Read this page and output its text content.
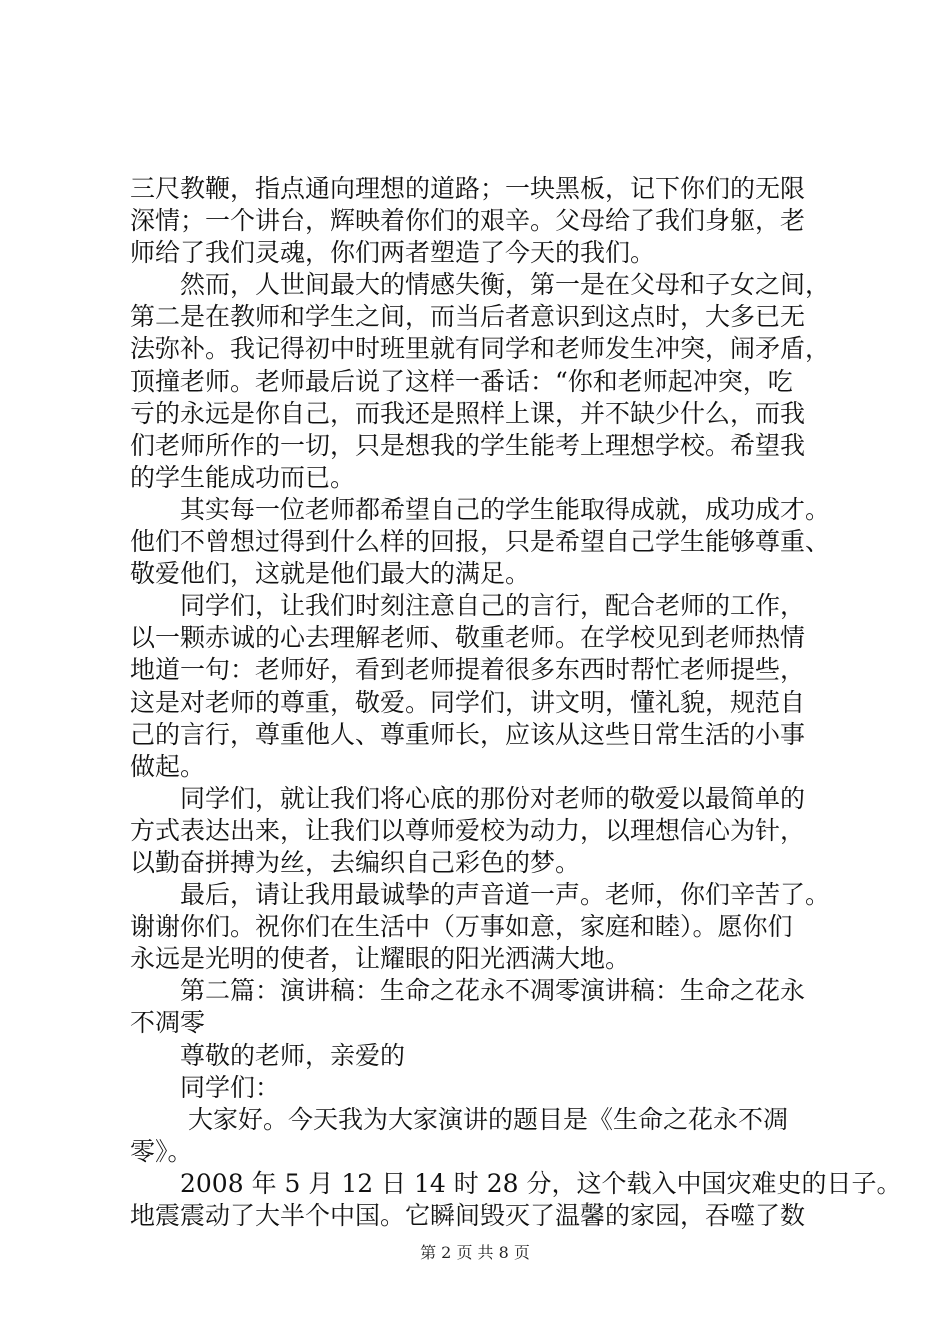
三尺教鞭，指点通向理想的道路；一块黑板，记下你们的无限
深情；一个讲台，辉映着你们的艰辛。父母给了我们身躯，老
师给了我们灵魂，你们两者塑造了今天的我们。
　　然而，人世间最大的情感失衡，第一是在父母和子女之间，
第二是在教师和学生之间，而当后者意识到这点时，大多已无
法弥补。我记得初中时班里就有同学和老师发生冲突，闹矛盾，
顶撞老师。老师最后说了这样一番话：“你和老师起冲突，吃
亏的永远是你自己，而我还是照样上课，并不缺少什么，而我
们老师所作的一切，只是想我的学生能考上理想学校。希望我
的学生能成功而已。
　　其实每一位老师都希望自己的学生能取得成就，成功成才。
他们不曾想过得到什么样的回报，只是希望自己学生能够尊重、
敬爱他们，这就是他们最大的满足。
　　同学们，让我们时刻注意自己的言行，配合老师的工作，
以一颗赤诚的心去理解老师、敬重老师。在学校见到老师热情
地道一句：老师好，看到老师提着很多东西时帮忙老师提些，
这是对老师的尊重，敬爱。同学们，讲文明，懂礼貌，规范自
己的言行，尊重他人、尊重师长，应该从这些日常生活的小事
做起。
　　同学们，就让我们将心底的那份对老师的敬爱以最简单的
方式表达出来，让我们以尊师爱校为动力，以理想信心为针，
以勤奋拼搏为丝，去编织自己彩色的梦。
　　最后，请让我用最诚挚的声音道一声。老师，你们辛苦了。
谢谢你们。祝你们在生活中（万事如意，家庭和睦）。愿你们
永远是光明的使者，让耀眼的阳光洒满大地。
　　第二篇：演讲稿：生命之花永不凋零演讲稿：生命之花永
不凋零
　　尊敬的老师，亲爱的
　　同学们：
　　 大家好。今天我为大家演讲的题目是《生命之花永不凋
零》。
　　2008 年 5 月 12 日 14 时 28 分，这个载入中国灾难史的日子。
地震震动了大半个中国。它瞬间毁灭了温馨的家园，吞噬了数
第 2 页 共 8 页
